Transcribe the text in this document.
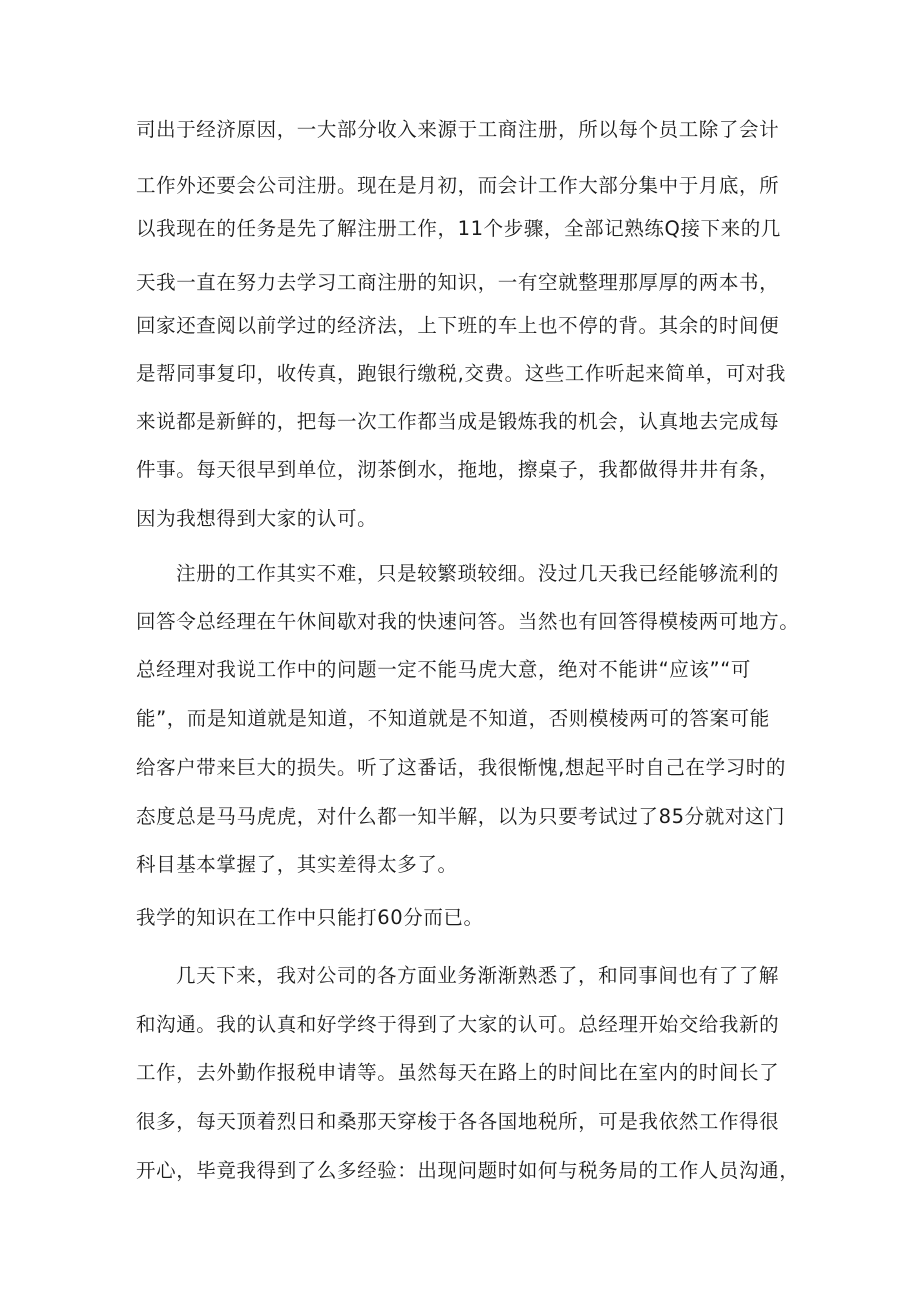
司出于经济原因，一大部分收入来源于工商注册，所以每个员工除了会计
工作外还要会公司注册。现在是月初，而会计工作大部分集中于月底，所
以我现在的任务是先了解注册工作，11个步骤，全部记熟练Q接下来的几
天我一直在努力去学习工商注册的知识，一有空就整理那厚厚的两本书，
回家还查阅以前学过的经济法，上下班的车上也不停的背。其余的时间便
是帮同事复印，收传真，跑银行缴税,交费。这些工作听起来简单，可对我
来说都是新鲜的，把每一次工作都当成是锻炼我的机会，认真地去完成每
件事。每天很早到单位，沏茶倒水，拖地，擦桌子，我都做得井井有条，
因为我想得到大家的认可。
注册的工作其实不难，只是较繁琐较细。没过几天我已经能够流利的
回答令总经理在午休间歇对我的快速问答。当然也有回答得模棱两可地方。
总经理对我说工作中的问题一定不能马虎大意，绝对不能讲“应该”“可
能”，而是知道就是知道，不知道就是不知道，否则模棱两可的答案可能
给客户带来巨大的损失。听了这番话，我很惭愧,想起平时自己在学习时的
态度总是马马虎虎，对什么都一知半解，以为只要考试过了85分就对这门
科目基本掌握了，其实差得太多了。
我学的知识在工作中只能打60分而已。
几天下来，我对公司的各方面业务渐渐熟悉了，和同事间也有了了解
和沟通。我的认真和好学终于得到了大家的认可。总经理开始交给我新的
工作，去外勤作报税申请等。虽然每天在路上的时间比在室内的时间长了
很多，每天顶着烈日和桑那天穿梭于各各国地税所，可是我依然工作得很
开心，毕竟我得到了么多经验：出现问题时如何与税务局的工作人员沟通，
